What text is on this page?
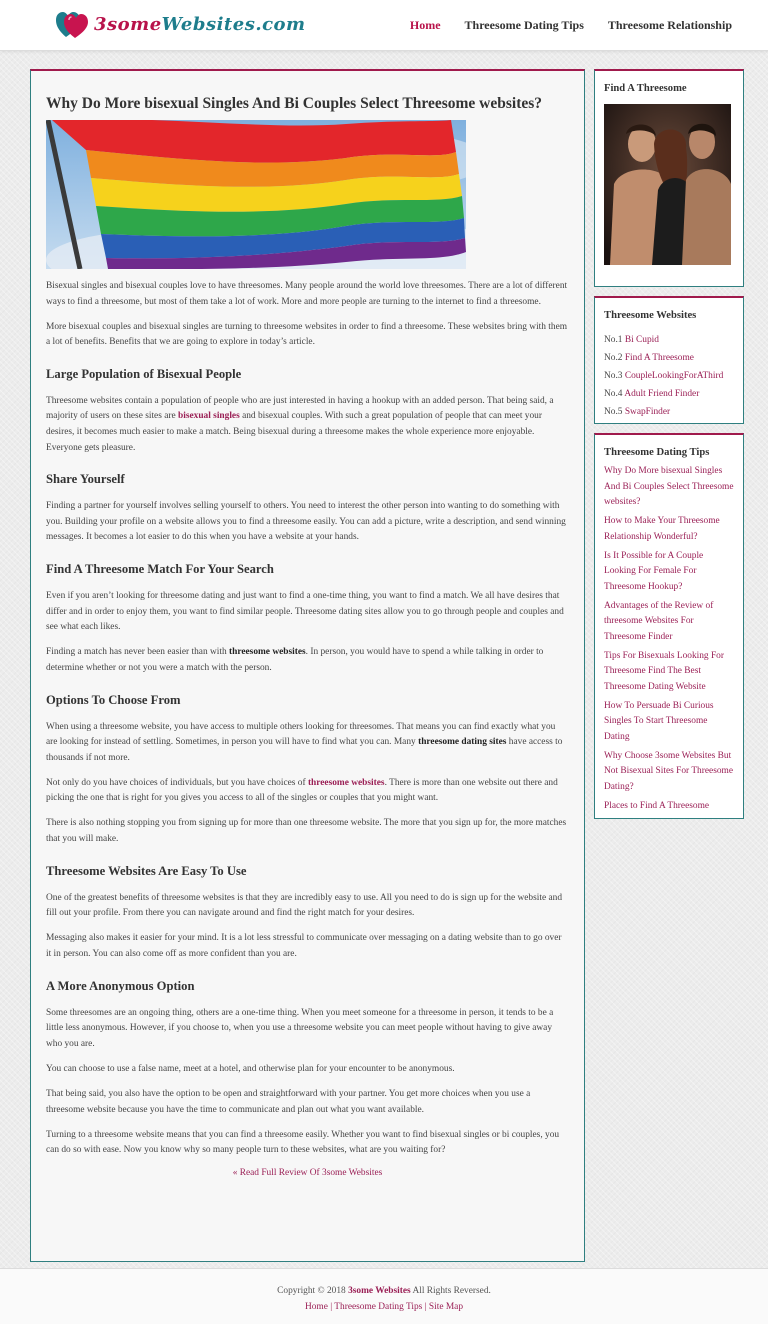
3someWebsites.com	Home Threesome Dating Tips Threesome Relationship
Why Do More bisexual Singles And Bi Couples Select Threesome websites?

Bisexual singles and bisexual couples love to have threesomes. Many people around the world love threesomes. There are a lot of different ways to find a threesome, but most of them take a lot of work. More and more people are turning to the internet to find a threesome.

More bisexual couples and bisexual singles are turning to threesome websites in order to find a threesome. These websites bring with them a lot of benefits. Benefits that we are going to explore in today’s article.

Large Population of Bisexual People

Threesome websites contain a population of people who are just interested in having a hookup with an added person. That being said, a majority of users on these sites are bisexual singles and bisexual couples. With such a great population of people that can meet your desires, it becomes much easier to make a match. Being bisexual during a threesome makes the whole experience more enjoyable. Everyone gets pleasure.

Share Yourself

Finding a partner for yourself involves selling yourself to others. You need to interest the other person into wanting to do something with you. Building your profile on a website allows you to find a threesome easily. You can add a picture, write a description, and send winning messages. It becomes a lot easier to do this when you have a website at your hands.

Find A Threesome Match For Your Search

Even if you aren’t looking for threesome dating and just want to find a one-time thing, you want to find a match. We all have desires that differ and in order to enjoy them, you want to find similar people. Threesome dating sites allow you to go through people and couples and see what each likes.

Finding a match has never been easier than with threesome websites. In person, you would have to spend a while talking in order to determine whether or not you were a match with the person.

Options To Choose From

When using a threesome website, you have access to multiple others looking for threesomes. That means you can find exactly what you are looking for instead of settling. Sometimes, in person you will have to find what you can. Many threesome dating sites have access to thousands if not more.

Not only do you have choices of individuals, but you have choices of threesome websites. There is more than one website out there and picking the one that is right for you gives you access to all of the singles or couples that you might want.

There is also nothing stopping you from signing up for more than one threesome website. The more that you sign up for, the more matches that you will make.

Threesome Websites Are Easy To Use

One of the greatest benefits of threesome websites is that they are incredibly easy to use. All you need to do is sign up for the website and fill out your profile. From there you can navigate around and find the right match for your desires.

Messaging also makes it easier for your mind. It is a lot less stressful to communicate over messaging on a dating website than to go over it in person. You can also come off as more confident than you are.

A More Anonymous Option

Some threesomes are an ongoing thing, others are a one-time thing. When you meet someone for a threesome in person, it tends to be a little less anonymous. However, if you choose to, when you use a threesome website you can meet people without having to give away who you are.

You can choose to use a false name, meet at a hotel, and otherwise plan for your encounter to be anonymous.

That being said, you also have the option to be open and straightforward with your partner. You get more choices when you use a threesome website because you have the time to communicate and plan out what you want available.

Turning to a threesome website means that you can find a threesome easily. Whether you want to find bisexual singles or bi couples, you can do so with ease. Now you know why so many people turn to these websites, what are you waiting for?

« Read Full Review Of 3some Websites
Find A Threesome
Threesome Websites
No.1 Bi Cupid
No.2 Find A Threesome
No.3 CoupleLookingForAThird
No.4 Adult Friend Finder
No.5 SwapFinder
Threesome Dating Tips
Why Do More bisexual Singles And Bi Couples Select Threesome websites?
How to Make Your Threesome Relationship Wonderful?
Is It Possible for A Couple Looking For Female For Threesome Hookup?
Advantages of the Review of threesome Websites For Threesome Finder
Tips For Bisexuals Looking For Threesome Find The Best Threesome Dating Website
How To Persuade Bi Curious Singles To Start Threesome Dating
Why Choose 3some Websites But Not Bisexual Sites For Threesome Dating?
Places to Find A Threesome
Copyright © 2018 3some Websites All Rights Reversed.
Home | Threesome Dating Tips | Site Map
